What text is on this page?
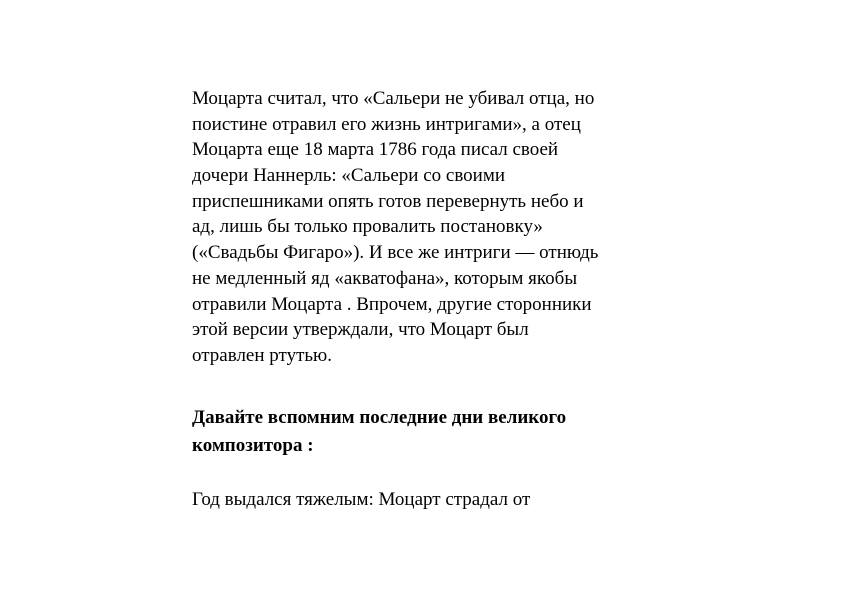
Моцарта считал, что «Сальери не убивал отца, но
поистине отравил его жизнь интригами», а отец
Моцарта еще 18 марта 1786 года писал своей
дочери Наннерль: «Сальери со своими
приспешниками опять готов перевернуть небо и
ад, лишь бы только провалить постановку»
(«Свадьбы Фигаро»). И все же интриги — отнюдь
не медленный яд «акватофана», которым якобы
отравили Моцарта . Впрочем, другие сторонники
этой версии утверждали, что Моцарт был
отравлен ртутью.
Давайте вспомним последние дни великого
композитора :
Год выдался тяжелым: Моцарт страдал от
